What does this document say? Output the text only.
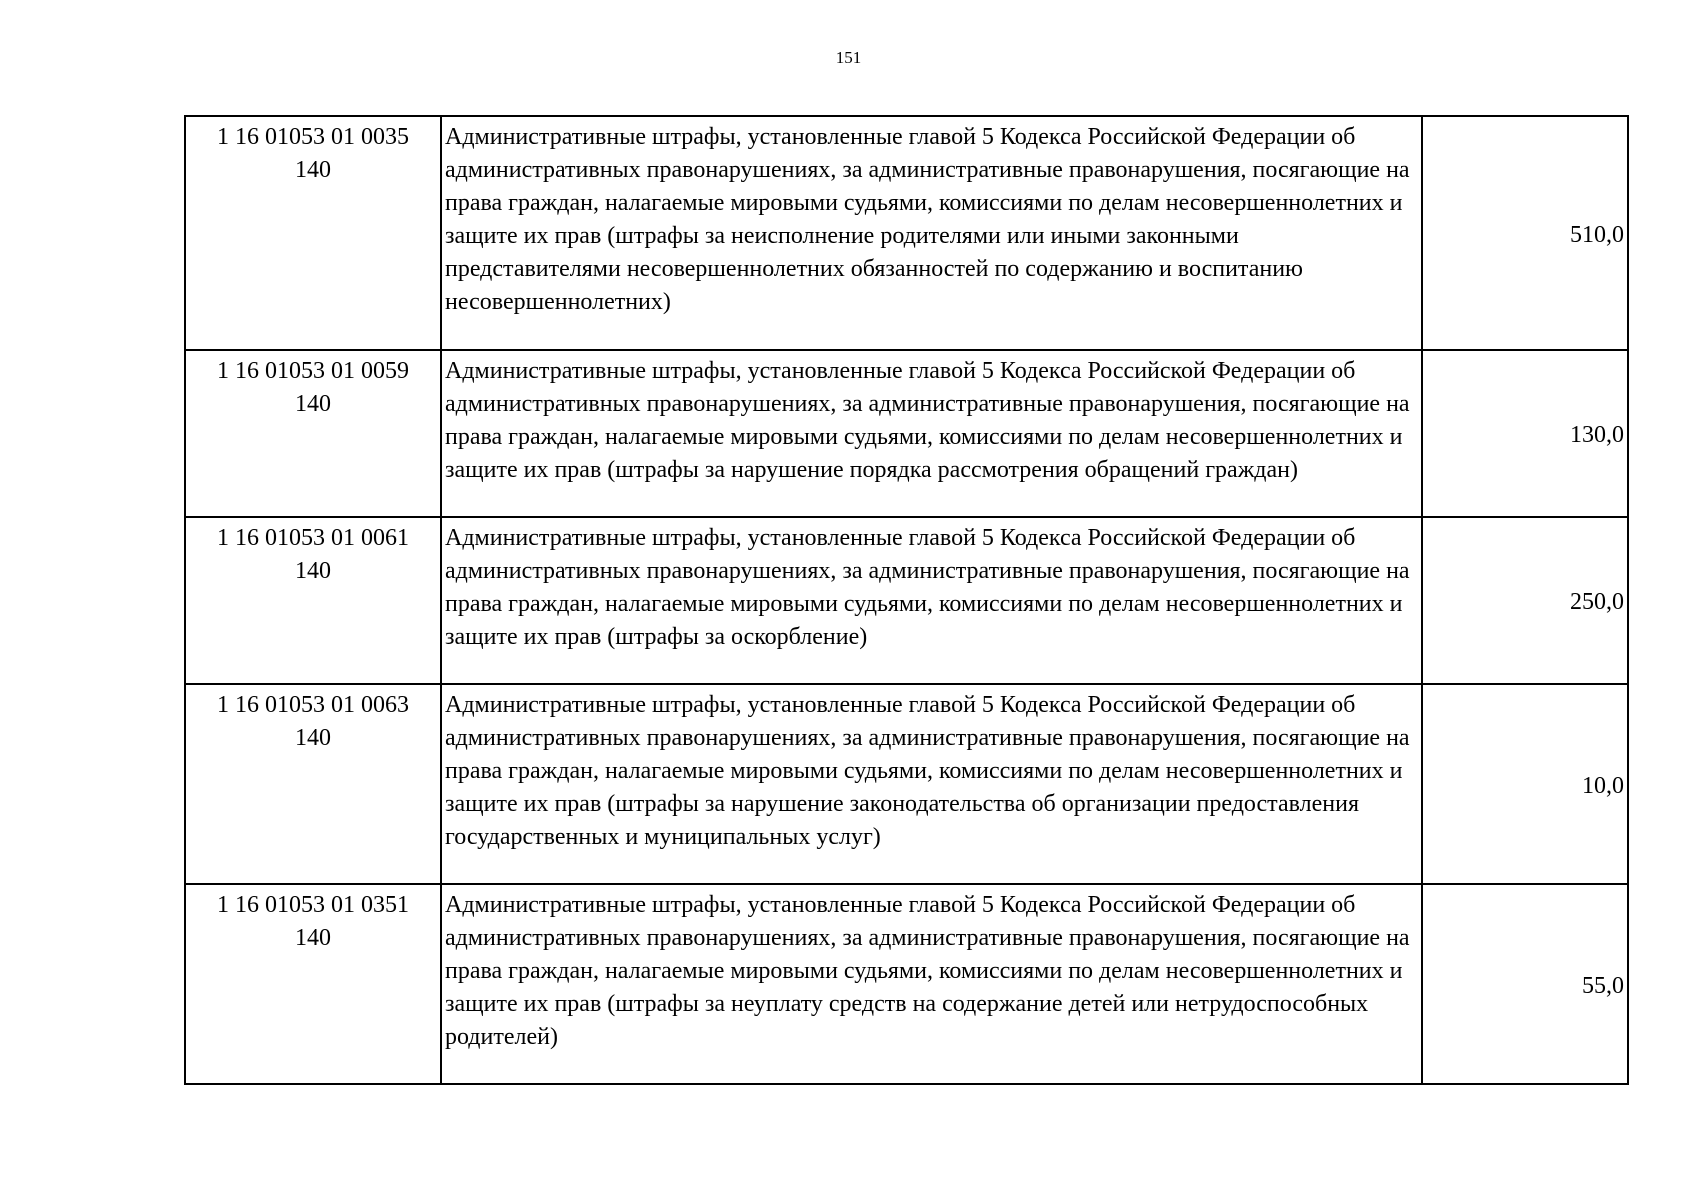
151
1 16 01053 01 0035
140	Административные штрафы, установленные главой 5 Кодекса Российской Федерации об административных правонарушениях, за административные правонарушения, посягающие на права граждан, налагаемые мировыми судьями, комиссиями по делам несовершеннолетних и защите их прав (штрафы за неисполнение родителями или иными законными представителями несовершеннолетних обязанностей по содержанию и воспитанию несовершеннолетних)	510,0

1 16 01053 01 0059
140	Административные штрафы, установленные главой 5 Кодекса Российской Федерации об административных правонарушениях, за административные правонарушения, посягающие на права граждан, налагаемые мировыми судьями, комиссиями по делам несовершеннолетних и защите их прав (штрафы за нарушение порядка рассмотрения обращений граждан)	130,0

1 16 01053 01 0061
140	Административные штрафы, установленные главой 5 Кодекса Российской Федерации об административных правонарушениях, за административные правонарушения, посягающие на права граждан, налагаемые мировыми судьями, комиссиями по делам несовершеннолетних и защите их прав (штрафы за оскорбление)	250,0

1 16 01053 01 0063
140	Административные штрафы, установленные главой 5 Кодекса Российской Федерации об административных правонарушениях, за административные правонарушения, посягающие на права граждан, налагаемые мировыми судьями, комиссиями по делам несовершеннолетних и защите их прав (штрафы за нарушение законодательства об организации предоставления государственных и муниципальных услуг)	10,0

1 16 01053 01 0351
140	Административные штрафы, установленные главой 5 Кодекса Российской Федерации об административных правонарушениях, за административные правонарушения, посягающие на права граждан, налагаемые мировыми судьями, комиссиями по делам несовершеннолетних и защите их прав (штрафы за неуплату средств на содержание детей или нетрудоспособных родителей)	55,0
